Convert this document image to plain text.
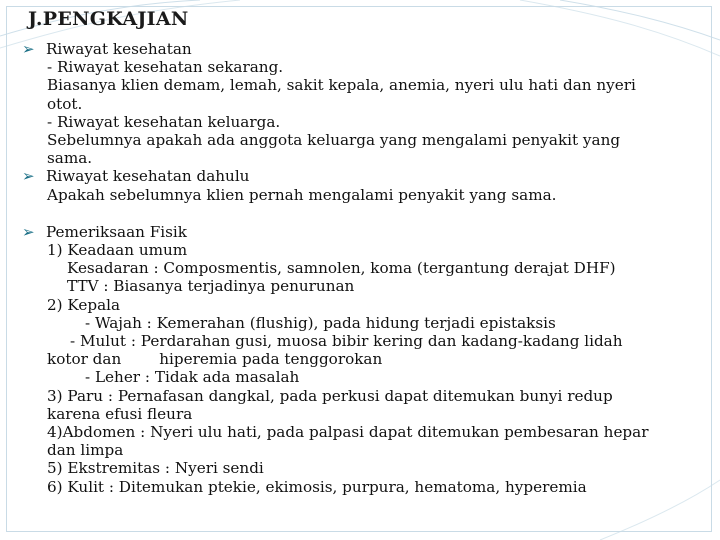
J.PENGKAJIAN
➢ Riwayat kesehatan
- Riwayat kesehatan sekarang.
Biasanya klien demam, lemah, sakit kepala, anemia, nyeri ulu hati dan nyeri
otot.
- Riwayat kesehatan keluarga.
Sebelumnya apakah ada anggota keluarga yang mengalami penyakit yang
sama.
➢ Riwayat kesehatan dahulu
Apakah sebelumnya klien pernah mengalami penyakit yang sama.
➢ Pemeriksaan Fisik
1) Keadaan umum
Kesadaran : Composmentis, samnolen, koma (tergantung derajat DHF)
TTV : Biasanya terjadinya penurunan
2) Kepala
- Wajah : Kemerahan (flushig), pada hidung terjadi epistaksis
- Mulut : Perdarahan gusi, muosa bibir kering dan kadang-kadang lidah
kotor dan	hiperemia pada tenggorokan
- Leher : Tidak ada masalah
3) Paru : Pernafasan dangkal, pada perkusi dapat ditemukan bunyi redup
karena efusi fleura
4)Abdomen : Nyeri ulu hati, pada palpasi dapat ditemukan pembesaran hepar
dan limpa
5) Ekstremitas : Nyeri sendi
6) Kulit : Ditemukan ptekie, ekimosis, purpura, hematoma, hyperemia
